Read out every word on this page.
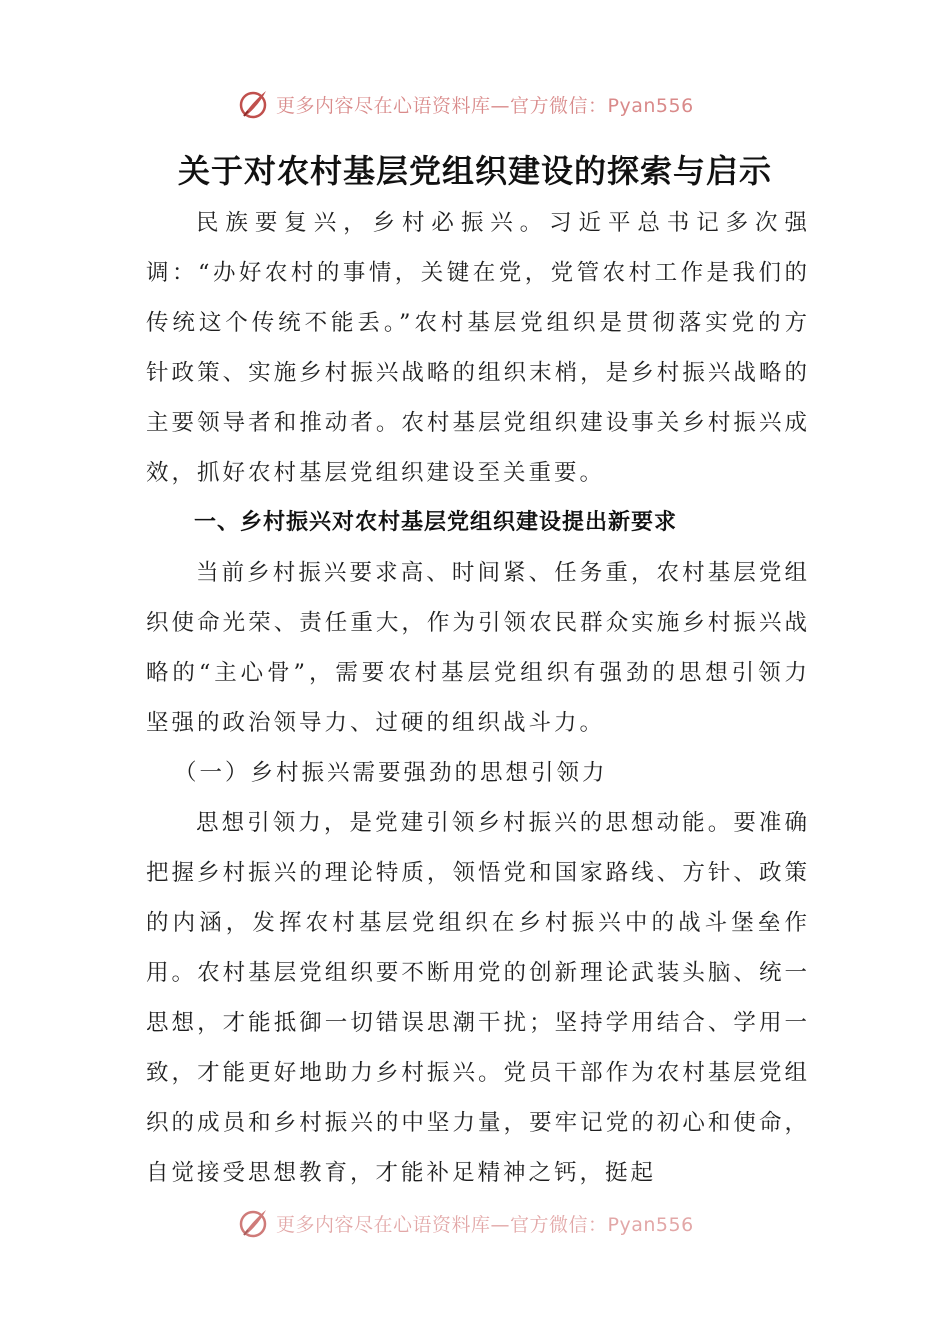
更多内容尽在心语资料库—官方微信：Pyan556
关于对农村基层党组织建设的探索与启示

民族要复兴，乡村必振兴。习近平总书记多次强调：“办好农村的事情，关键在党，党管农村工作是我们的传统这个传统不能丢。”农村基层党组织是贯彻落实党的方针政策、实施乡村振兴战略的组织末梢，是乡村振兴战略的主要领导者和推动者。农村基层党组织建设事关乡村振兴成效，抓好农村基层党组织建设至关重要。

一、乡村振兴对农村基层党组织建设提出新要求

当前乡村振兴要求高、时间紧、任务重，农村基层党组织使命光荣、责任重大，作为引领农民群众实施乡村振兴战略的“主心骨”，需要农村基层党组织有强劲的思想引领力坚强的政治领导力、过硬的组织战斗力。

（一）乡村振兴需要强劲的思想引领力

思想引领力，是党建引领乡村振兴的思想动能。要准确把握乡村振兴的理论特质，领悟党和国家路线、方针、政策的内涵，发挥农村基层党组织在乡村振兴中的战斗堡垒作用。农村基层党组织要不断用党的创新理论武装头脑、统一思想，才能抵御一切错误思潮干扰；坚持学用结合、学用一致，才能更好地助力乡村振兴。党员干部作为农村基层党组织的成员和乡村振兴的中坚力量，要牢记党的初心和使命，自觉接受思想教育，才能补足精神之钙，挺起

更多内容尽在心语资料库—官方微信：Pyan556
